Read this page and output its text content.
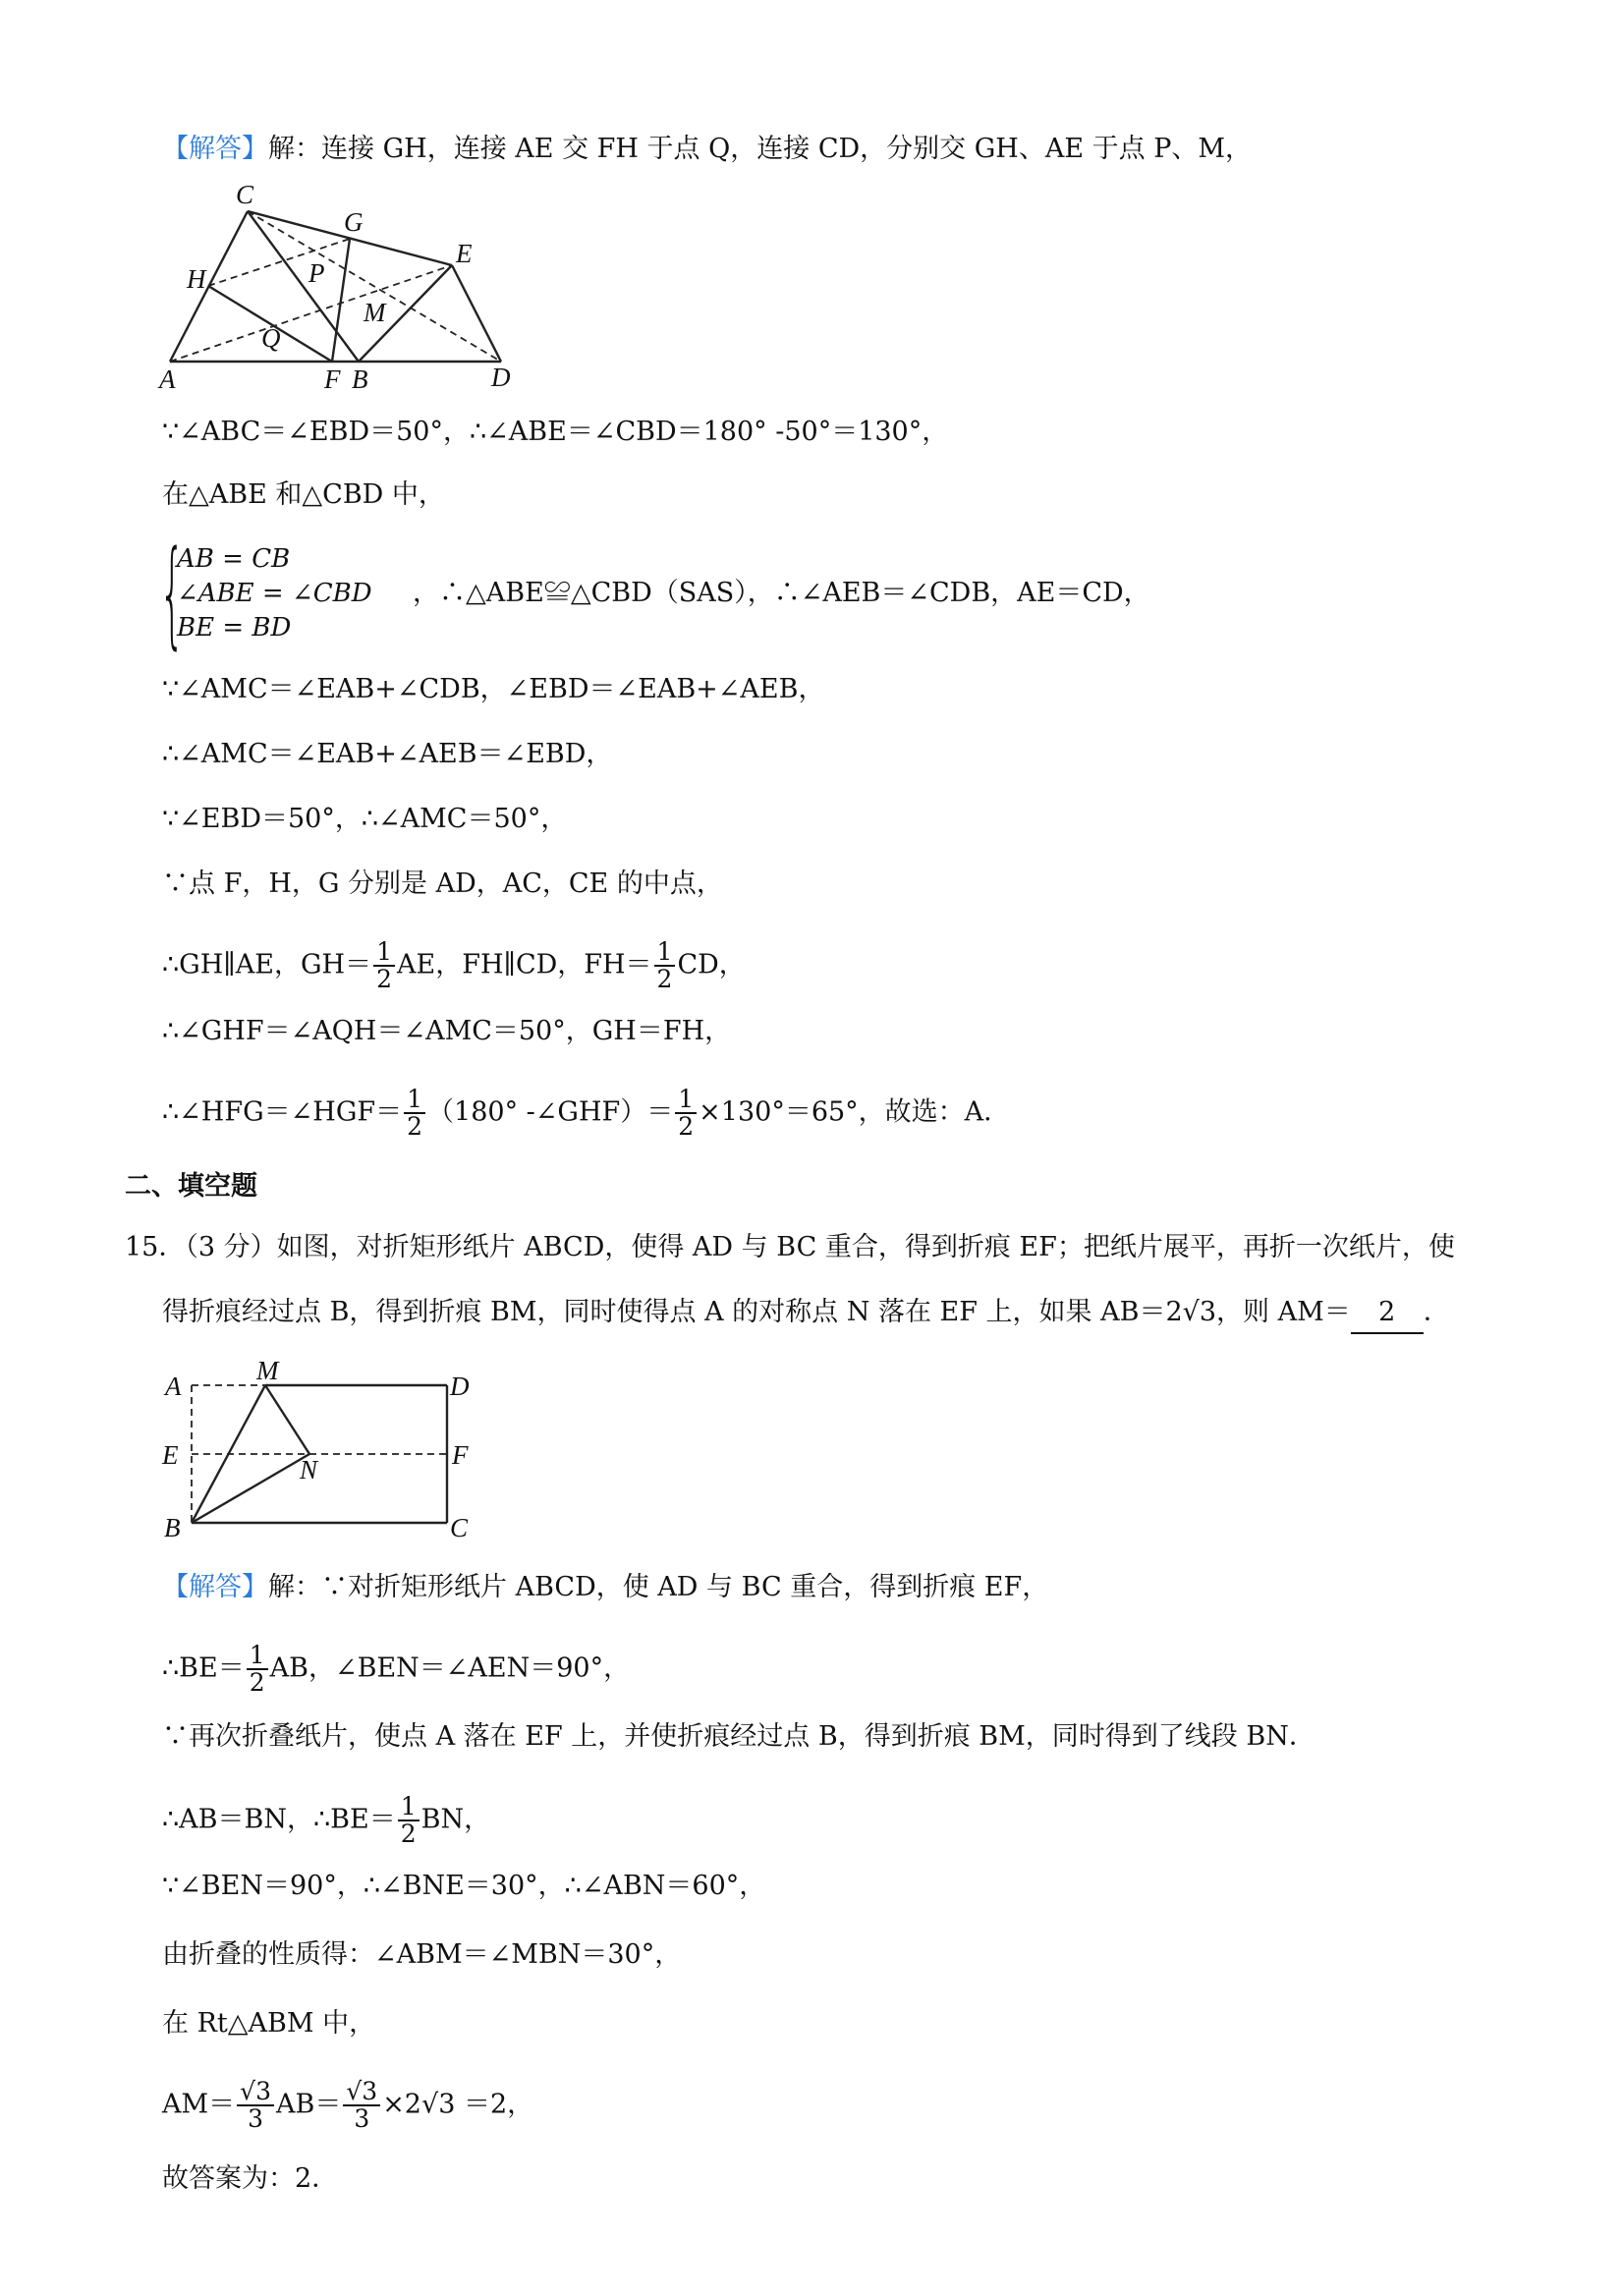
【解答】解：连接 GH，连接 AE 交 FH 于点 Q，连接 CD，分别交 GH、AE 于点 P、M，
C
G
E
H	P
M
Q
A	F B	D
∵∠ABC＝∠EBD＝50°，∴∠ABE＝∠CBD＝180° ‐50°＝130°，
在△ABE 和△CBD 中，
{
AB = CB
∠ABE = ∠CBD
BE = BD
，∴△ABE≌△CBD（SAS），∴∠AEB＝∠CDB，AE＝CD，
∵∠AMC＝∠EAB+∠CDB，∠EBD＝∠EAB+∠AEB，
∴∠AMC＝∠EAB+∠AEB＝∠EBD，
∵∠EBD＝50°，∴∠AMC＝50°，
∵点 F，H，G 分别是 AD，AC，CE 的中点，
∴GH∥AE，$GH= \frac{1}{2}$ AE，FH∥CD，$FH= \frac{1}{2}$ CD，
∴∠GHF＝∠AQH＝∠AMC＝50°，GH＝FH，
∴∠HFG＝∠HGF＝ $\frac{1}{2} (180^\circ$ ‐∠GHF）＝ $\frac{1}{2} \times 130^\circ=65^\circ$，故选：A．
二、填空题
15．（3 分）如图，对折矩形纸片 ABCD，使得 AD 与 BC 重合，得到折痕 EF；把纸片展平，再折一次纸片，使
得折痕经过点 B，得到折痕 BM，同时使得点 A 的对称点 N 落在 EF 上，如果 AB＝2√3，则 AM＝ 2 ．
A
M
D
E	N	F
B	C
【解答】解：∵对折矩形纸片 ABCD，使 AD 与 BC 重合，得到折痕 EF，
∴BE＝ $\frac{1}{2}$ AB，∠BEN＝∠AEN＝90°，
∵再次折叠纸片，使点 A 落在 EF 上，并使折痕经过点 B，得到折痕 BM，同时得到了线段 BN．
∴AB＝BN，∴BE＝ $\frac{1}{2}$ BN，
∵∠BEN＝90°，∴∠BNE＝30°，∴∠ABN＝60°，
由折叠的性质得：∠ABM＝∠MBN＝30°，
在 Rt△ABM 中，
$AM= \frac{√3}{3} AB= \frac{√3}{3} \times 2√3 =2$，
故答案为：2．
